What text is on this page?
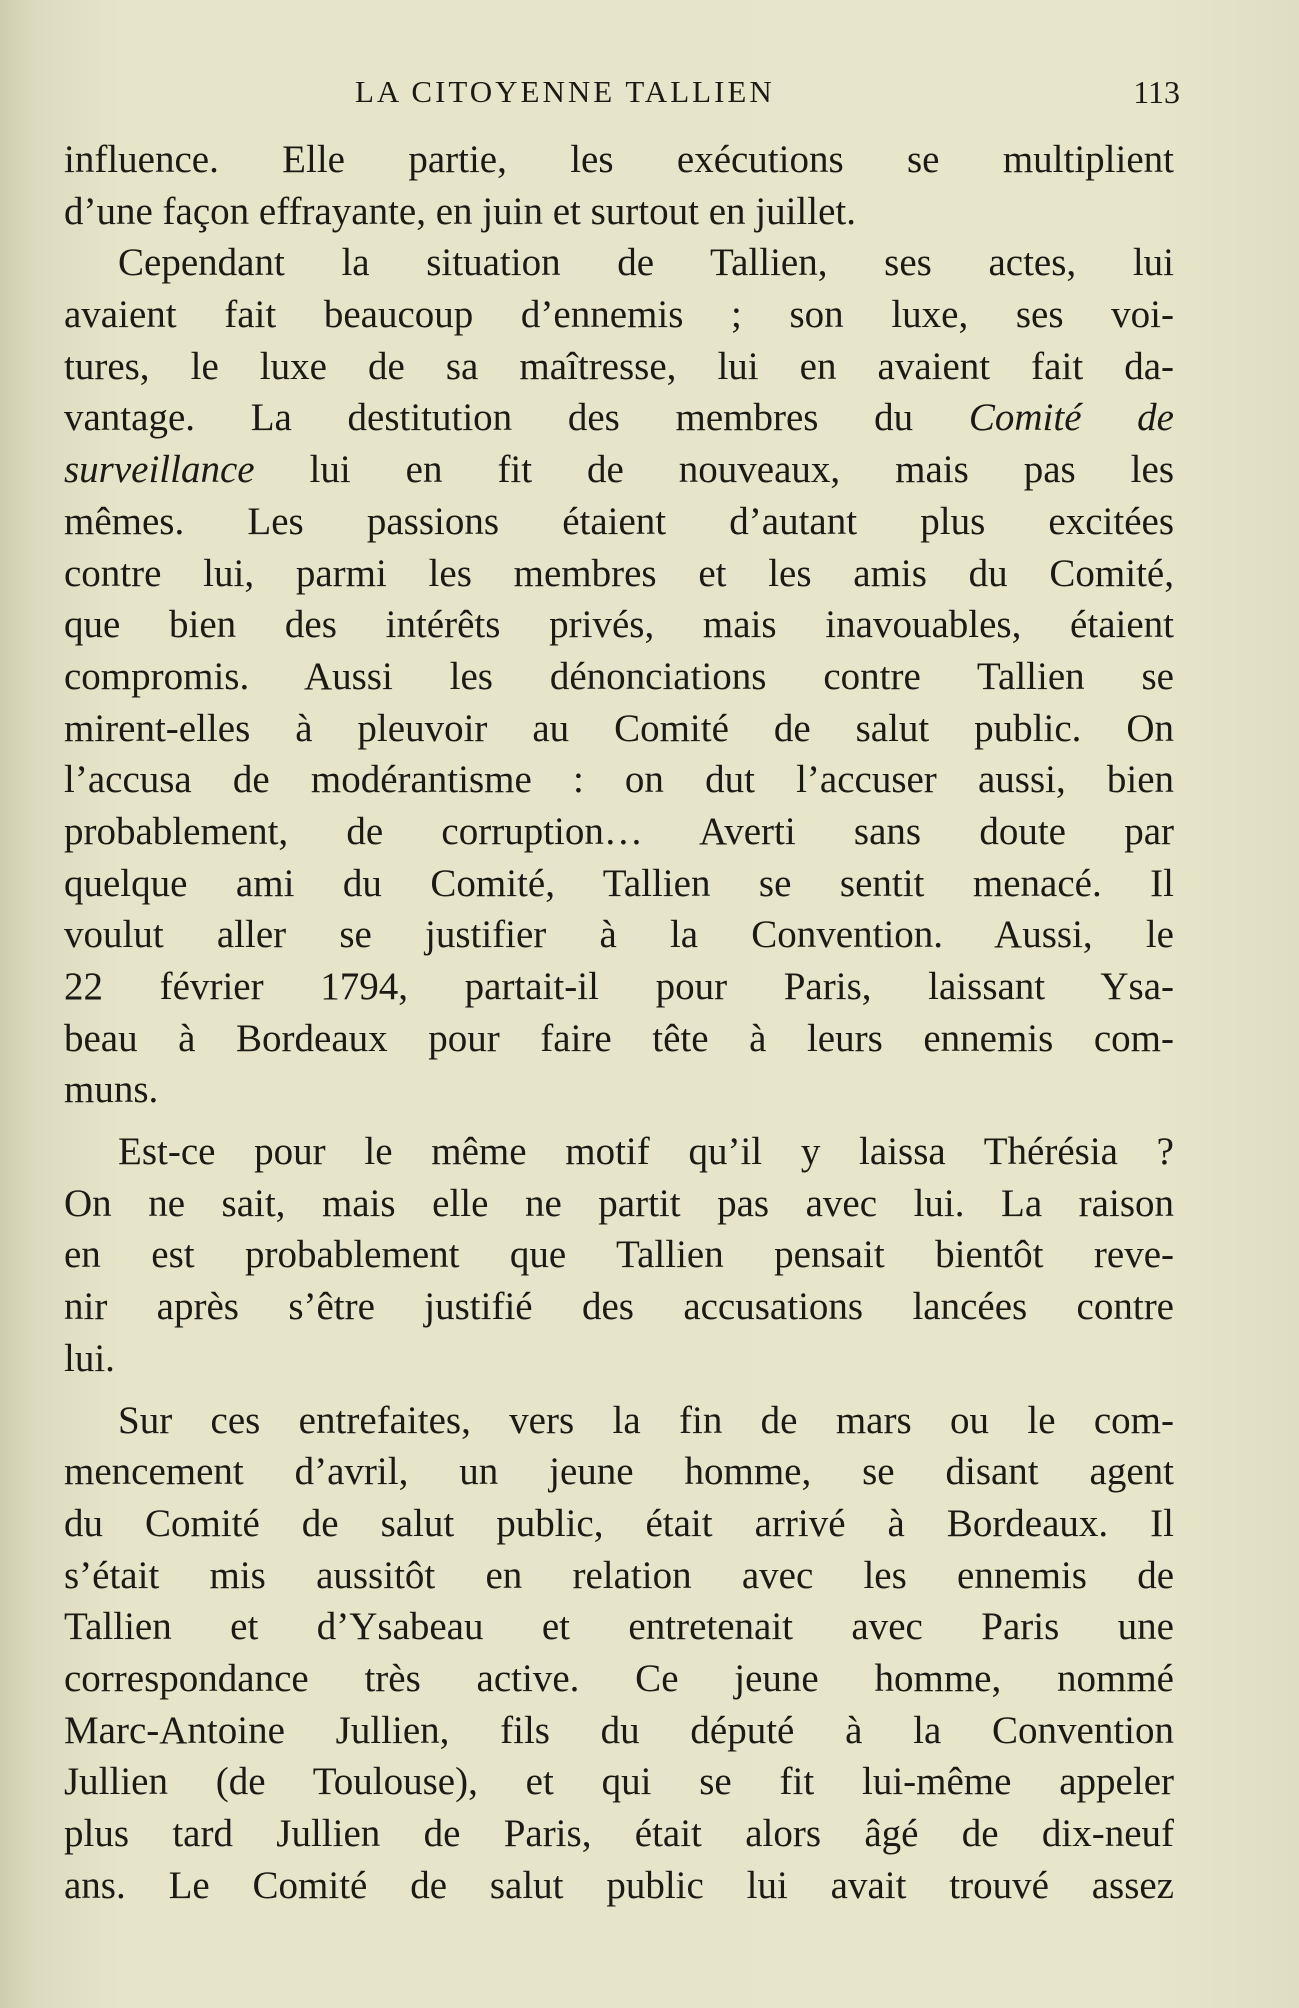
LA CITOYENNE TALLIEN	113
influence. Elle partie, les exécutions se multiplient
d’une façon effrayante, en juin et surtout en juillet.
Cependant la situation de Tallien, ses actes, lui
avaient fait beaucoup d’ennemis ; son luxe, ses voi-
tures, le luxe de sa maîtresse, lui en avaient fait da-
vantage. La destitution des membres du Comité de
surveillance lui en fit de nouveaux, mais pas les
mêmes. Les passions étaient d’autant plus excitées
contre lui, parmi les membres et les amis du Comité,
que bien des intérêts privés, mais inavouables, étaient
compromis. Aussi les dénonciations contre Tallien se
mirent-elles à pleuvoir au Comité de salut public. On
l’accusa de modérantisme : on dut l’accuser aussi, bien
probablement, de corruption… Averti sans doute par
quelque ami du Comité, Tallien se sentit menacé. Il
voulut aller se justifier à la Convention. Aussi, le
22 février 1794, partait-il pour Paris, laissant Ysa-
beau à Bordeaux pour faire tête à leurs ennemis com-
muns.
Est-ce pour le même motif qu’il y laissa Thérésia ?
On ne sait, mais elle ne partit pas avec lui. La raison
en est probablement que Tallien pensait bientôt reve-
nir après s’être justifié des accusations lancées contre
lui.
Sur ces entrefaites, vers la fin de mars ou le com-
mencement d’avril, un jeune homme, se disant agent
du Comité de salut public, était arrivé à Bordeaux. Il
s’était mis aussitôt en relation avec les ennemis de
Tallien et d’Ysabeau et entretenait avec Paris une
correspondance très active. Ce jeune homme, nommé
Marc-Antoine Jullien, fils du député à la Convention
Jullien (de Toulouse), et qui se fit lui-même appeler
plus tard Jullien de Paris, était alors âgé de dix-neuf
ans. Le Comité de salut public lui avait trouvé assez
